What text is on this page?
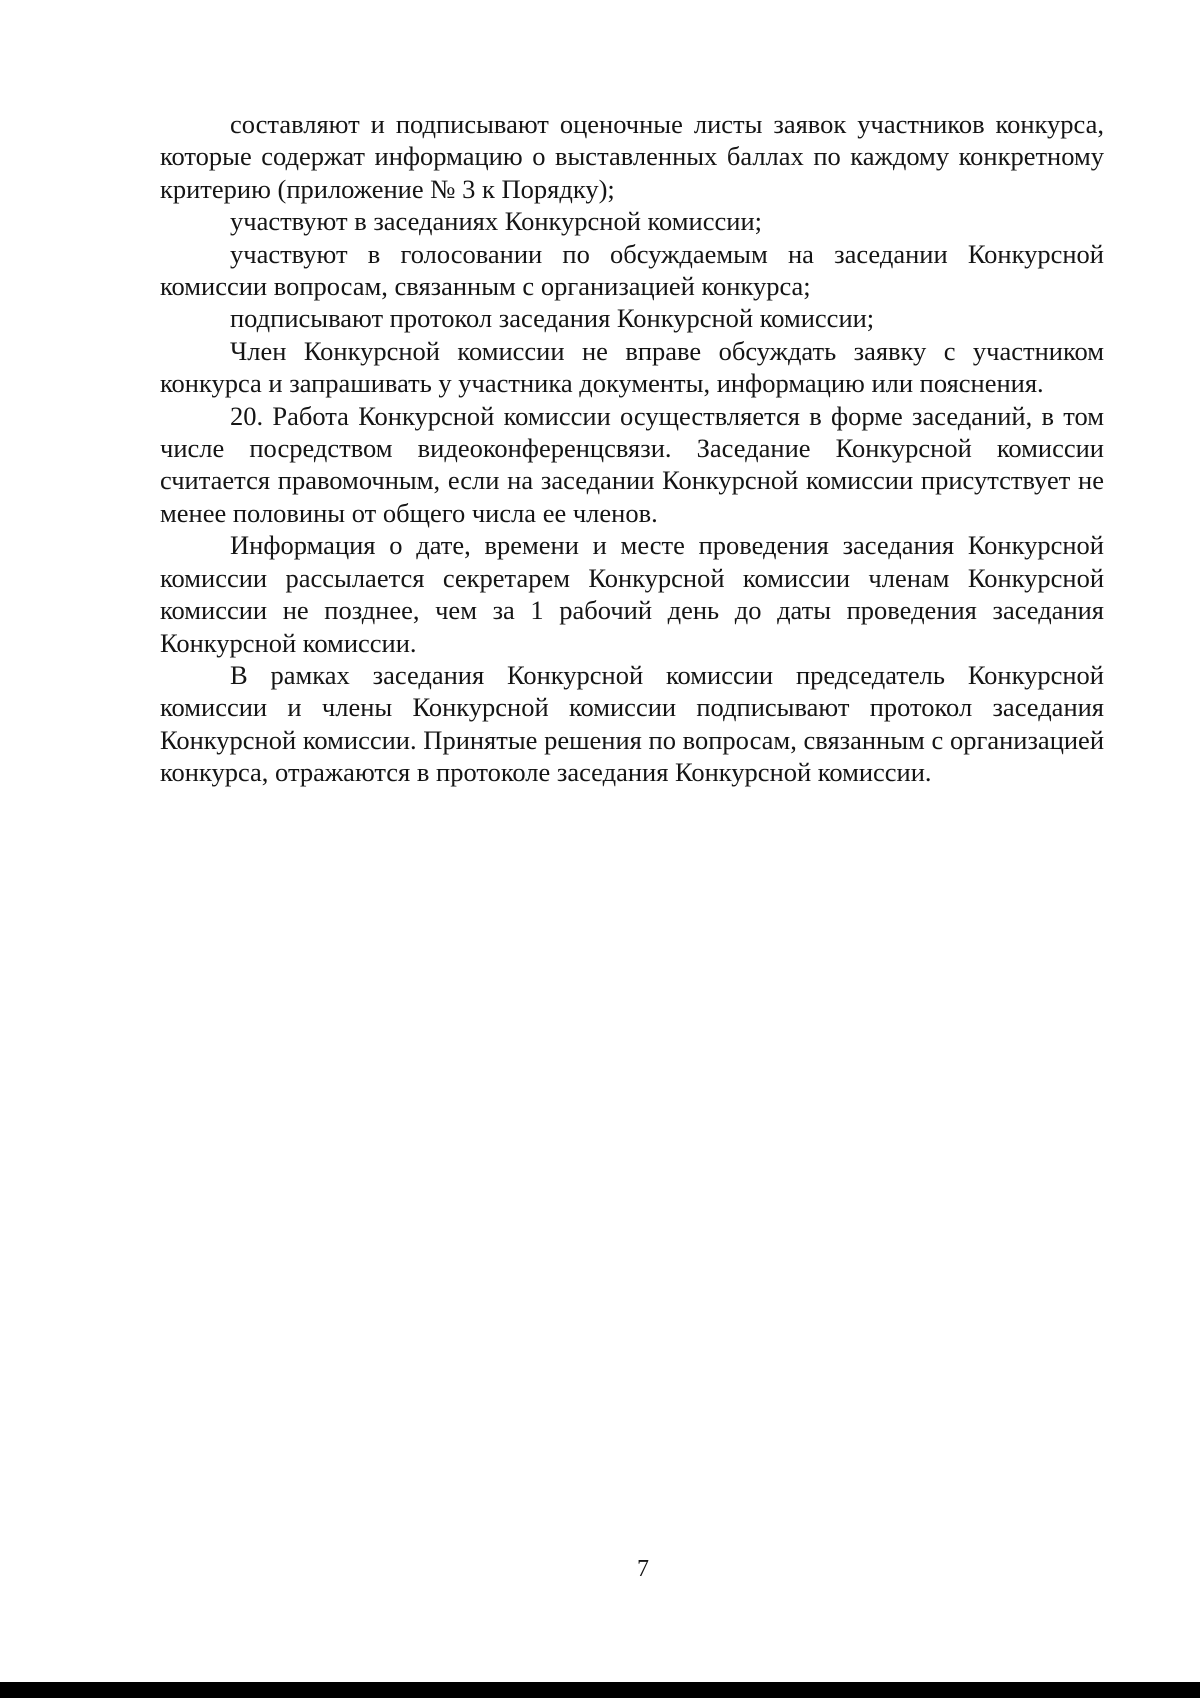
составляют и подписывают оценочные листы заявок участников конкурса, которые содержат информацию о выставленных баллах по каждому конкретному критерию (приложение № 3 к Порядку);

участвуют в заседаниях Конкурсной комиссии;

участвуют в голосовании по обсуждаемым на заседании Конкурсной комиссии вопросам, связанным с организацией конкурса;

подписывают протокол заседания Конкурсной комиссии;

Член Конкурсной комиссии не вправе обсуждать заявку с участником конкурса и запрашивать у участника документы, информацию или пояснения.

20. Работа Конкурсной комиссии осуществляется в форме заседаний, в том числе посредством видеоконференцсвязи. Заседание Конкурсной комиссии считается правомочным, если на заседании Конкурсной комиссии присутствует не менее половины от общего числа ее членов.

Информация о дате, времени и месте проведения заседания Конкурсной комиссии рассылается секретарем Конкурсной комиссии членам Конкурсной комиссии не позднее, чем за 1 рабочий день до даты проведения заседания Конкурсной комиссии.

В рамках заседания Конкурсной комиссии председатель Конкурсной комиссии и члены Конкурсной комиссии подписывают протокол заседания Конкурсной комиссии. Принятые решения по вопросам, связанным с организацией конкурса, отражаются в протоколе заседания Конкурсной комиссии.

7
